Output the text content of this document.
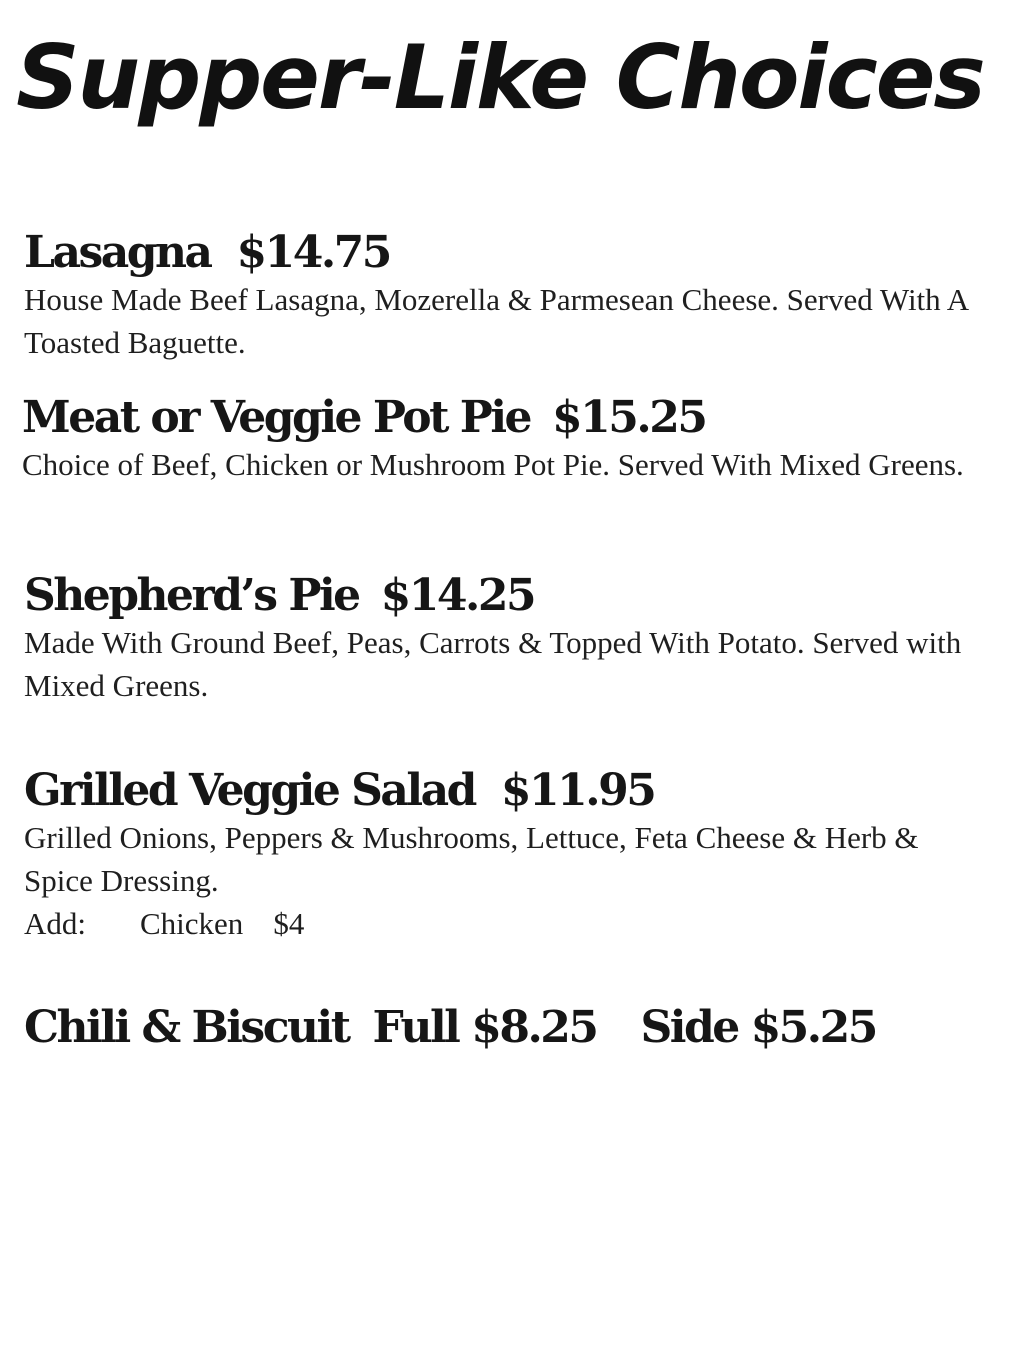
Supper-Like Choices
Lasagna $14.75
House Made Beef Lasagna, Mozerella & Parmesean Cheese. Served With A Toasted Baguette.
Meat or Veggie Pot Pie $15.25
Choice of Beef, Chicken or Mushroom Pot Pie. Served With Mixed Greens.
Shepherd’s Pie $14.25
Made With Ground Beef, Peas, Carrots & Topped With Potato. Served with Mixed Greens.
Grilled Veggie Salad $11.95
Grilled Onions, Peppers & Mushrooms, Lettuce, Feta Cheese & Herb & Spice Dressing.
Add: Chicken $4
Chili & Biscuit Full $8.25 Side $5.25
